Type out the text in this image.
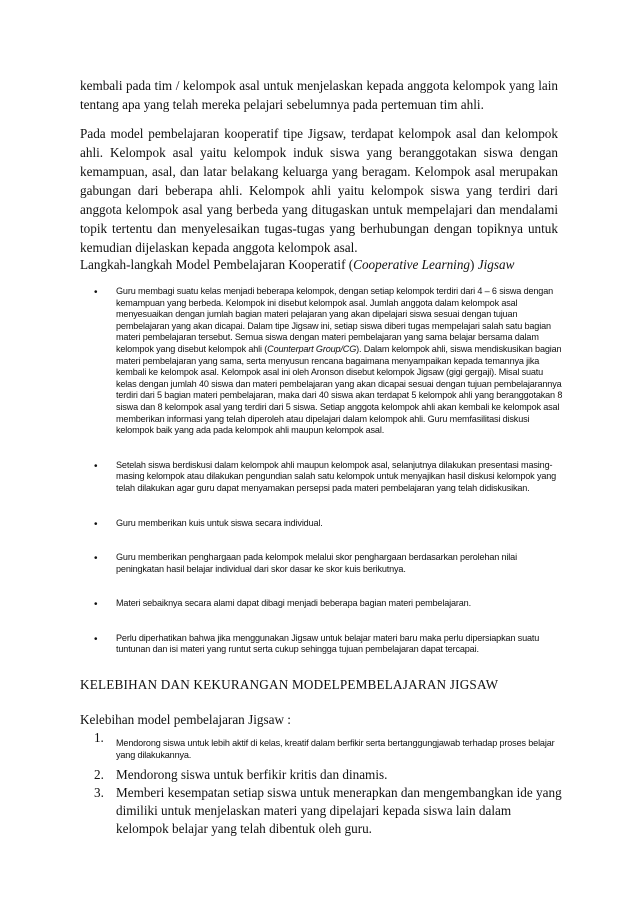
kembali pada tim / kelompok asal untuk menjelaskan kepada anggota kelompok yang lain tentang apa yang telah mereka pelajari sebelumnya pada pertemuan tim ahli.

Pada model pembelajaran kooperatif tipe Jigsaw, terdapat kelompok asal dan kelompok ahli. Kelompok asal yaitu kelompok induk siswa yang beranggotakan siswa dengan kemampuan, asal, dan latar belakang keluarga yang beragam. Kelompok asal merupakan gabungan dari beberapa ahli. Kelompok ahli yaitu kelompok siswa yang terdiri dari anggota kelompok asal yang berbeda yang ditugaskan untuk mempelajari dan mendalami topik tertentu dan menyelesaikan tugas-tugas yang berhubungan dengan topiknya untuk kemudian dijelaskan kepada anggota kelompok asal.

Langkah-langkah Model Pembelajaran Kooperatif (Cooperative Learning) Jigsaw

• Guru membagi suatu kelas menjadi beberapa kelompok, dengan setiap kelompok terdiri dari 4 – 6 siswa dengan kemampuan yang berbeda. Kelompok ini disebut kelompok asal. Jumlah anggota dalam kelompok asal menyesuaikan dengan jumlah bagian materi pelajaran yang akan dipelajari siswa sesuai dengan tujuan pembelajaran yang akan dicapai. Dalam tipe Jigsaw ini, setiap siswa diberi tugas mempelajari salah satu bagian materi pembelajaran tersebut. Semua siswa dengan materi pembelajaran yang sama belajar bersama dalam kelompok yang disebut kelompok ahli (Counterpart Group/CG). Dalam kelompok ahli, siswa mendiskusikan bagian materi pembelajaran yang sama, serta menyusun rencana bagaimana menyampaikan kepada temannya jika kembali ke kelompok asal. Kelompok asal ini oleh Aronson disebut kelompok Jigsaw (gigi gergaji). Misal suatu kelas dengan jumlah 40 siswa dan materi pembelajaran yang akan dicapai sesuai dengan tujuan pembelajarannya terdiri dari 5 bagian materi pembelajaran, maka dari 40 siswa akan terdapat 5 kelompok ahli yang beranggotakan 8 siswa dan 8 kelompok asal yang terdiri dari 5 siswa. Setiap anggota kelompok ahli akan kembali ke kelompok asal memberikan informasi yang telah diperoleh atau dipelajari dalam kelompok ahli. Guru memfasilitasi diskusi kelompok baik yang ada pada kelompok ahli maupun kelompok asal.
• Setelah siswa berdiskusi dalam kelompok ahli maupun kelompok asal, selanjutnya dilakukan presentasi masing-masing kelompok atau dilakukan pengundian salah satu kelompok untuk menyajikan hasil diskusi kelompok yang telah dilakukan agar guru dapat menyamakan persepsi pada materi pembelajaran yang telah didiskusikan.
• Guru memberikan kuis untuk siswa secara individual.
• Guru memberikan penghargaan pada kelompok melalui skor penghargaan berdasarkan perolehan nilai peningkatan hasil belajar individual dari skor dasar ke skor kuis berikutnya.
• Materi sebaiknya secara alami dapat dibagi menjadi beberapa bagian materi pembelajaran.
• Perlu diperhatikan bahwa jika menggunakan Jigsaw untuk belajar materi baru maka perlu dipersiapkan suatu tuntunan dan isi materi yang runtut serta cukup sehingga tujuan pembelajaran dapat tercapai.

KELEBIHAN DAN KEKURANGAN MODELPEMBELAJARAN JIGSAW

Kelebihan model pembelajaran Jigsaw :

1. Mendorong siswa untuk lebih aktif di kelas, kreatif dalam berfikir serta bertanggungjawab terhadap proses belajar yang dilakukannya.
2. Mendorong siswa untuk berfikir kritis dan dinamis.
3. Memberi kesempatan setiap siswa untuk menerapkan dan mengembangkan ide yang dimiliki untuk menjelaskan materi yang dipelajari kepada siswa lain dalam kelompok belajar yang telah dibentuk oleh guru.
